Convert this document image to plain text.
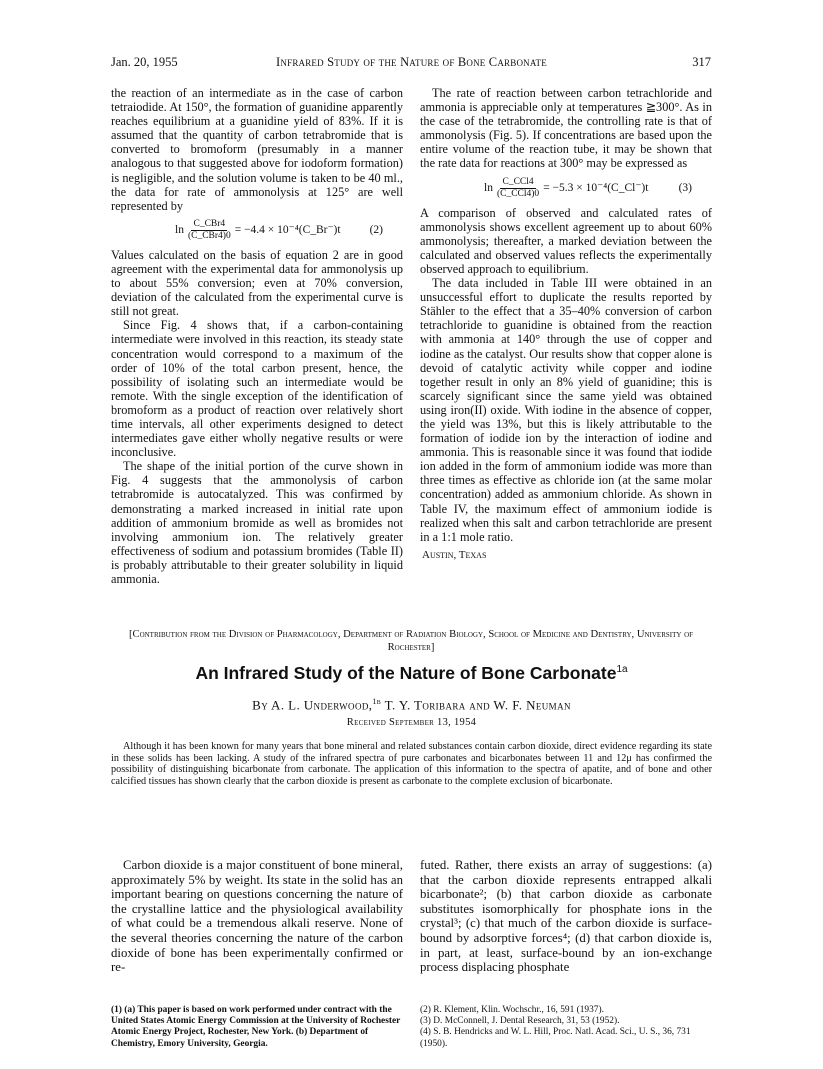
Jan. 20, 1955	Infrared Study of the Nature of Bone Carbonate	317

the reaction of an intermediate as in the case of carbon tetraiodide. At 150°, the formation of guanidine apparently reaches equilibrium at a guanidine yield of 83%. If it is assumed that the quantity of carbon tetrabromide that is converted to bromoform (presumably in a manner analogous to that suggested above for iodoform formation) is negligible, and the solution volume is taken to be 40 ml., the data for rate of ammonolysis at 125° are well represented by

$\ln \frac{\text{C\_CBr4}}{\text{(C\_CBr4)0}} = -4.4$ × 10⁻⁴(C_Br⁻)t	(2)

Values calculated on the basis of equation 2 are in good agreement with the experimental data for ammonolysis up to about 55% conversion; even at 70% conversion, deviation of the calculated from the experimental curve is still not great.

Since Fig. 4 shows that, if a carbon-containing intermediate were involved in this reaction, its steady state concentration would correspond to a maximum of the order of 10% of the total carbon present, hence, the possibility of isolating such an intermediate would be remote. With the single exception of the identification of bromoform as a product of reaction over relatively short time intervals, all other experiments designed to detect intermediates gave either wholly negative results or were inconclusive.

The shape of the initial portion of the curve shown in Fig. 4 suggests that the ammonolysis of carbon tetrabromide is autocatalyzed. This was confirmed by demonstrating a marked increased in initial rate upon addition of ammonium bromide as well as bromides not involving ammonium ion. The relatively greater effectiveness of sodium and potassium bromides (Table II) is probably attributable to their greater solubility in liquid ammonia.

The rate of reaction between carbon tetrachloride and ammonia is appreciable only at temperatures ≧300°. As in the case of the tetrabromide, the controlling rate is that of ammonolysis (Fig. 5). If concentrations are based upon the entire volume of the reaction tube, it may be shown that the rate data for reactions at 300° may be expressed as

$\ln \frac{\text{C\_CCl4}}{\text{(C\_CCl4)0}} = -5.3$ × 10⁻⁴(C_Cl⁻)t	(3)

A comparison of observed and calculated rates of ammonolysis shows excellent agreement up to about 60% ammonolysis; thereafter, a marked deviation between the calculated and observed values reflects the experimentally observed approach to equilibrium.

The data included in Table III were obtained in an unsuccessful effort to duplicate the results reported by Stähler to the effect that a 35–40% conversion of carbon tetrachloride to guanidine is obtained from the reaction with ammonia at 140° through the use of copper and iodine as the catalyst. Our results show that copper alone is devoid of catalytic activity while copper and iodine together result in only an 8% yield of guanidine; this is scarcely significant since the same yield was obtained using iron(II) oxide. With iodine in the absence of copper, the yield was 13%, but this is likely attributable to the formation of iodide ion by the interaction of iodine and ammonia. This is reasonable since it was found that iodide ion added in the form of ammonium iodide was more than three times as effective as chloride ion (at the same molar concentration) added as ammonium chloride. As shown in Table IV, the maximum effect of ammonium iodide is realized when this salt and carbon tetrachloride are present in a 1:1 mole ratio.

Austin, Texas
[Contribution from the Division of Pharmacology, Department of Radiation Biology, School of Medicine and Dentistry, University of Rochester]
An Infrared Study of the Nature of Bone Carbonate$^{1a}$
By A. L. Underwood,$^{1b}$ T. Y. Toribara and W. F. Neuman
Received September 13, 1954
Although it has been known for many years that bone mineral and related substances contain carbon dioxide, direct evidence regarding its state in these solids has been lacking. A study of the infrared spectra of pure carbonates and bicarbonates between 11 and 12μ has confirmed the possibility of distinguishing bicarbonate from carbonate. The application of this information to the spectra of apatite, and of bone and other calcified tissues has shown clearly that the carbon dioxide is present as carbonate to the complete exclusion of bicarbonate.

Carbon dioxide is a major constituent of bone mineral, approximately 5% by weight. Its state in the solid has an important bearing on questions concerning the nature of the crystalline lattice and the physiological availability of what could be a tremendous alkali reserve. None of the several theories concerning the nature of the carbon dioxide of bone has been experimentally confirmed or re-

futed. Rather, there exists an array of suggestions: (a) that the carbon dioxide represents entrapped alkali bicarbonate²; (b) that carbon dioxide as carbonate substitutes isomorphically for phosphate ions in the crystal³; (c) that much of the carbon dioxide is surface-bound by adsorptive forces⁴; (d) that carbon dioxide is, in part, at least, surface-bound by an ion-exchange process displacing phosphate

(1) (a) This paper is based on work performed under contract with the United States Atomic Energy Commission at the University of Rochester Atomic Energy Project, Rochester, New York. (b) Department of Chemistry, Emory University, Georgia.
(2) R. Klement, Klin. Wochschr., 16, 591 (1937).
(3) D. McConnell, J. Dental Research, 31, 53 (1952).
(4) S. B. Hendricks and W. L. Hill, Proc. Natl. Acad. Sci., U. S., 36, 731 (1950).
